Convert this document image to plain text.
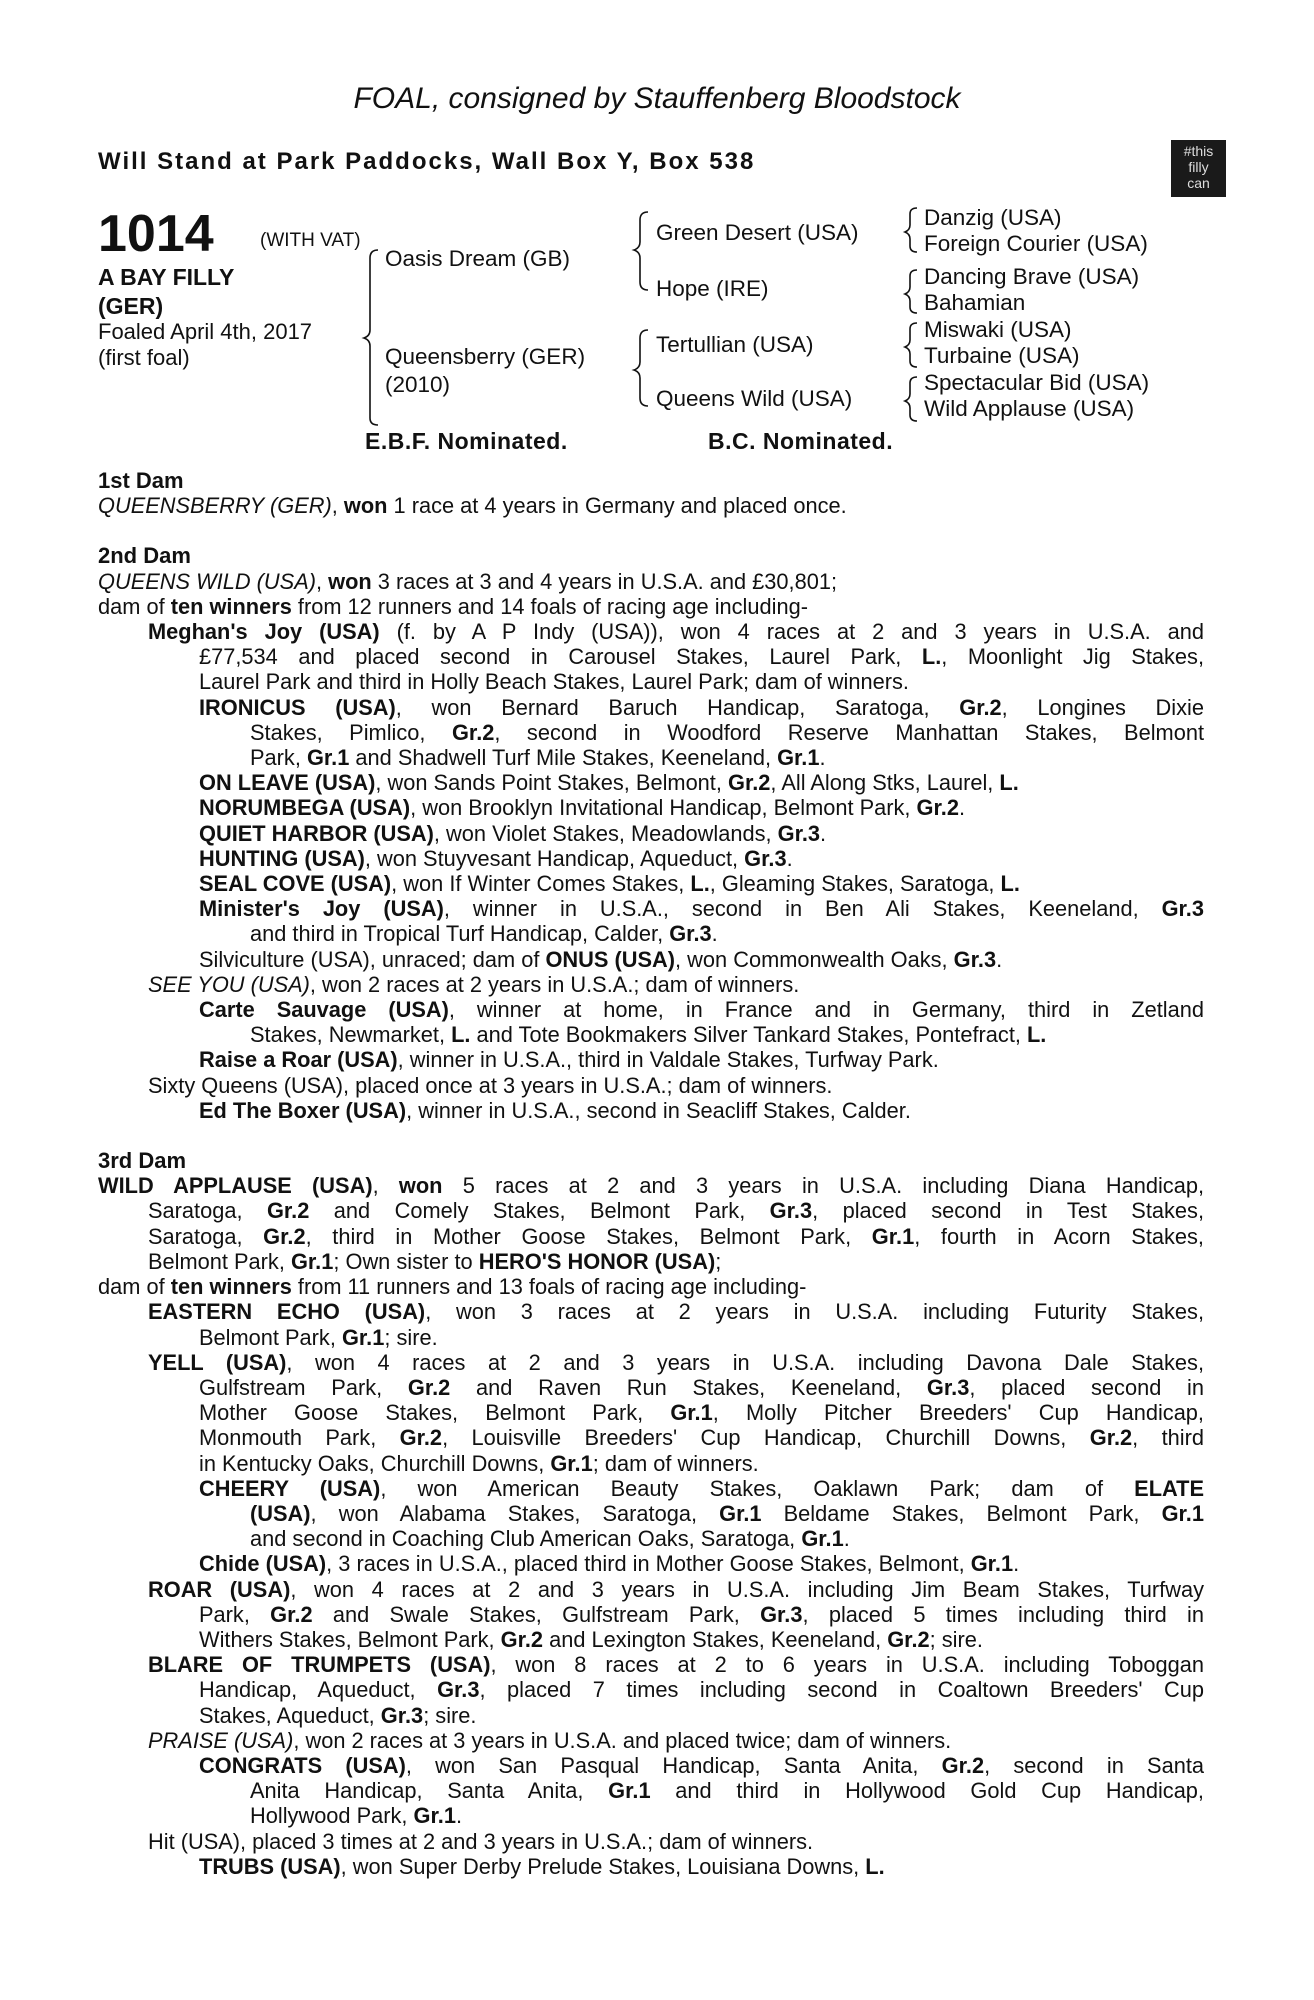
FOAL, consigned by Stauffenberg Bloodstock
Will Stand at Park Paddocks, Wall Box Y, Box 538	#this
filly
can
1014 (WITH VAT)
A BAY FILLY
(GER)
Foaled April 4th, 2017
(first foal)
Oasis Dream (GB)
Queensberry (GER)
(2010)
Green Desert (USA)
Hope (IRE)
Tertullian (USA)
Queens Wild (USA)
Danzig (USA)
Foreign Courier (USA)
Dancing Brave (USA)
Bahamian
Miswaki (USA)
Turbaine (USA)
Spectacular Bid (USA)
Wild Applause (USA)
E.B.F. Nominated.	B.C. Nominated.
1st Dam
QUEENSBERRY (GER), won 1 race at 4 years in Germany and placed once.
2nd Dam
QUEENS WILD (USA), won 3 races at 3 and 4 years in U.S.A. and £30,801;
dam of ten winners from 12 runners and 14 foals of racing age including-
Meghan's Joy (USA) (f. by A P Indy (USA)), won 4 races at 2 and 3 years in U.S.A. and
£77,534 and placed second in Carousel Stakes, Laurel Park, L., Moonlight Jig Stakes,
Laurel Park and third in Holly Beach Stakes, Laurel Park; dam of winners.
IRONICUS (USA), won Bernard Baruch Handicap, Saratoga, Gr.2, Longines Dixie
Stakes, Pimlico, Gr.2, second in Woodford Reserve Manhattan Stakes, Belmont
Park, Gr.1 and Shadwell Turf Mile Stakes, Keeneland, Gr.1.
ON LEAVE (USA), won Sands Point Stakes, Belmont, Gr.2, All Along Stks, Laurel, L.
NORUMBEGA (USA), won Brooklyn Invitational Handicap, Belmont Park, Gr.2.
QUIET HARBOR (USA), won Violet Stakes, Meadowlands, Gr.3.
HUNTING (USA), won Stuyvesant Handicap, Aqueduct, Gr.3.
SEAL COVE (USA), won If Winter Comes Stakes, L., Gleaming Stakes, Saratoga, L.
Minister's Joy (USA), winner in U.S.A., second in Ben Ali Stakes, Keeneland, Gr.3
and third in Tropical Turf Handicap, Calder, Gr.3.
Silviculture (USA), unraced; dam of ONUS (USA), won Commonwealth Oaks, Gr.3.
SEE YOU (USA), won 2 races at 2 years in U.S.A.; dam of winners.
Carte Sauvage (USA), winner at home, in France and in Germany, third in Zetland
Stakes, Newmarket, L. and Tote Bookmakers Silver Tankard Stakes, Pontefract, L.
Raise a Roar (USA), winner in U.S.A., third in Valdale Stakes, Turfway Park.
Sixty Queens (USA), placed once at 3 years in U.S.A.; dam of winners.
Ed The Boxer (USA), winner in U.S.A., second in Seacliff Stakes, Calder.
3rd Dam
WILD APPLAUSE (USA), won 5 races at 2 and 3 years in U.S.A. including Diana Handicap,
Saratoga, Gr.2 and Comely Stakes, Belmont Park, Gr.3, placed second in Test Stakes,
Saratoga, Gr.2, third in Mother Goose Stakes, Belmont Park, Gr.1, fourth in Acorn Stakes,
Belmont Park, Gr.1; Own sister to HERO'S HONOR (USA);
dam of ten winners from 11 runners and 13 foals of racing age including-
EASTERN ECHO (USA), won 3 races at 2 years in U.S.A. including Futurity Stakes,
Belmont Park, Gr.1; sire.
YELL (USA), won 4 races at 2 and 3 years in U.S.A. including Davona Dale Stakes,
Gulfstream Park, Gr.2 and Raven Run Stakes, Keeneland, Gr.3, placed second in
Mother Goose Stakes, Belmont Park, Gr.1, Molly Pitcher Breeders' Cup Handicap,
Monmouth Park, Gr.2, Louisville Breeders' Cup Handicap, Churchill Downs, Gr.2, third
in Kentucky Oaks, Churchill Downs, Gr.1; dam of winners.
CHEERY (USA), won American Beauty Stakes, Oaklawn Park; dam of ELATE
(USA), won Alabama Stakes, Saratoga, Gr.1 Beldame Stakes, Belmont Park, Gr.1
and second in Coaching Club American Oaks, Saratoga, Gr.1.
Chide (USA), 3 races in U.S.A., placed third in Mother Goose Stakes, Belmont, Gr.1.
ROAR (USA), won 4 races at 2 and 3 years in U.S.A. including Jim Beam Stakes, Turfway
Park, Gr.2 and Swale Stakes, Gulfstream Park, Gr.3, placed 5 times including third in
Withers Stakes, Belmont Park, Gr.2 and Lexington Stakes, Keeneland, Gr.2; sire.
BLARE OF TRUMPETS (USA), won 8 races at 2 to 6 years in U.S.A. including Toboggan
Handicap, Aqueduct, Gr.3, placed 7 times including second in Coaltown Breeders' Cup
Stakes, Aqueduct, Gr.3; sire.
PRAISE (USA), won 2 races at 3 years in U.S.A. and placed twice; dam of winners.
CONGRATS (USA), won San Pasqual Handicap, Santa Anita, Gr.2, second in Santa
Anita Handicap, Santa Anita, Gr.1 and third in Hollywood Gold Cup Handicap,
Hollywood Park, Gr.1.
Hit (USA), placed 3 times at 2 and 3 years in U.S.A.; dam of winners.
TRUBS (USA), won Super Derby Prelude Stakes, Louisiana Downs, L.
